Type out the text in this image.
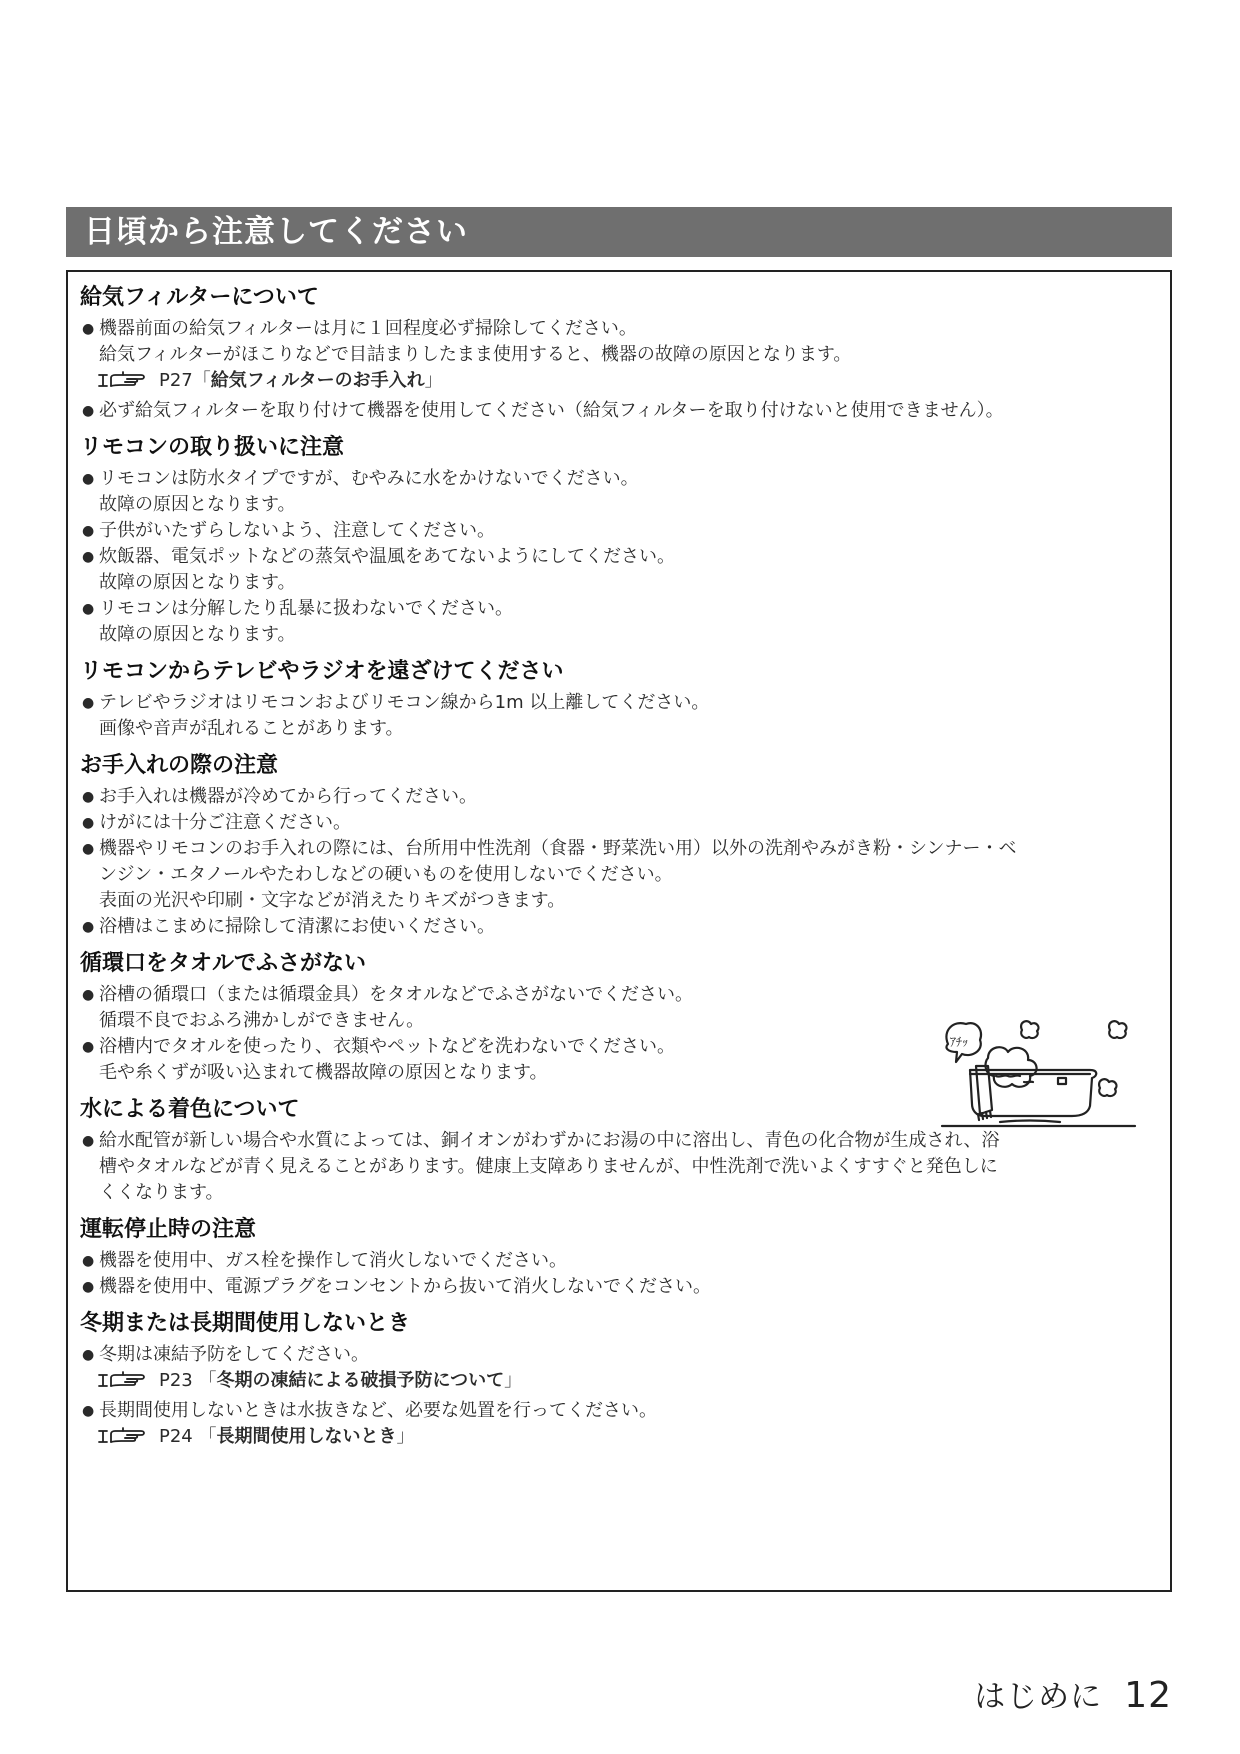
日頃から注意してください
給気フィルターについて
● 機器前面の給気フィルターは月に１回程度必ず掃除してください。
給気フィルターがほこりなどで目詰まりしたまま使用すると、機器の故障の原因となります。
P27「給気フィルターのお手入れ」
● 必ず給気フィルターを取り付けて機器を使用してください（給気フィルターを取り付けないと使用できません）。
リモコンの取り扱いに注意
● リモコンは防水タイプですが、むやみに水をかけないでください。
故障の原因となります。
● 子供がいたずらしないよう、注意してください。
● 炊飯器、電気ポットなどの蒸気や温風をあてないようにしてください。
故障の原因となります。
● リモコンは分解したり乱暴に扱わないでください。
故障の原因となります。
リモコンからテレビやラジオを遠ざけてください
● テレビやラジオはリモコンおよびリモコン線から1m 以上離してください。
画像や音声が乱れることがあります。
お手入れの際の注意
● お手入れは機器が冷めてから行ってください。
● けがには十分ご注意ください。
● 機器やリモコンのお手入れの際には、台所用中性洗剤（食器・野菜洗い用）以外の洗剤やみがき粉・シンナー・ベ
ンジン・エタノールやたわしなどの硬いものを使用しないでください。
表面の光沢や印刷・文字などが消えたりキズがつきます。
● 浴槽はこまめに掃除して清潔にお使いください。
循環口をタオルでふさがない
● 浴槽の循環口（または循環金具）をタオルなどでふさがないでください。
循環不良でおふろ沸かしができません。
● 浴槽内でタオルを使ったり、衣類やペットなどを洗わないでください。
毛や糸くずが吸い込まれて機器故障の原因となります。
水による着色について
● 給水配管が新しい場合や水質によっては、銅イオンがわずかにお湯の中に溶出し、青色の化合物が生成され、浴
槽やタオルなどが青く見えることがあります。健康上支障ありませんが、中性洗剤で洗いよくすすぐと発色しに
くくなります。
運転停止時の注意
● 機器を使用中、ガス栓を操作して消火しないでください。
● 機器を使用中、電源プラグをコンセントから抜いて消火しないでください。
冬期または長期間使用しないとき
● 冬期は凍結予防をしてください。
P23 「冬期の凍結による破損予防について」
● 長期間使用しないときは水抜きなど、必要な処置を行ってください。
P24 「長期間使用しないとき」
ｱﾁｯ
はじめに 12
